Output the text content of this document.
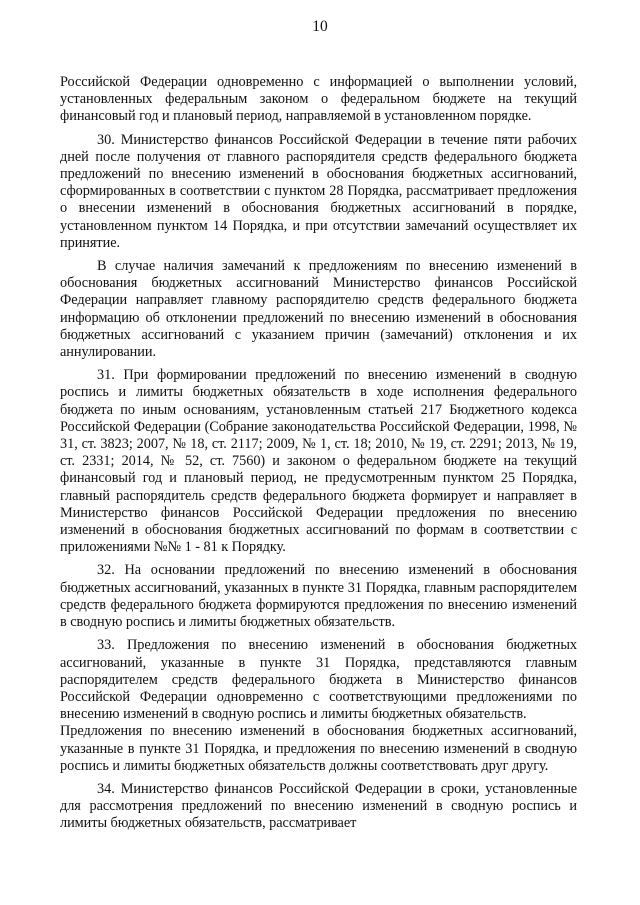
10

Российской Федерации одновременно с информацией о выполнении условий, установленных федеральным законом о федеральном бюджете на текущий финансовый год и плановый период, направляемой в установленном порядке.

30. Министерство финансов Российской Федерации в течение пяти рабочих дней после получения от главного распорядителя средств федерального бюджета предложений по внесению изменений в обоснования бюджетных ассигнований, сформированных в соответствии с пунктом 28 Порядка, рассматривает предложения о внесении изменений в обоснования бюджетных ассигнований в порядке, установленном пунктом 14 Порядка, и при отсутствии замечаний осуществляет их принятие.

В случае наличия замечаний к предложениям по внесению изменений в обоснования бюджетных ассигнований Министерство финансов Российской Федерации направляет главному распорядителю средств федерального бюджета информацию об отклонении предложений по внесению изменений в обоснования бюджетных ассигнований с указанием причин (замечаний) отклонения и их аннулировании.

31. При формировании предложений по внесению изменений в сводную роспись и лимиты бюджетных обязательств в ходе исполнения федерального бюджета по иным основаниям, установленным статьей 217 Бюджетного кодекса Российской Федерации (Собрание законодательства Российской Федерации, 1998, № 31, ст. 3823; 2007, № 18, ст. 2117; 2009, № 1, ст. 18; 2010, № 19, ст. 2291; 2013, № 19, ст. 2331; 2014, № 52, ст. 7560) и законом о федеральном бюджете на текущий финансовый год и плановый период, не предусмотренным пунктом 25 Порядка, главный распорядитель средств федерального бюджета формирует и направляет в Министерство финансов Российской Федерации предложения по внесению изменений в обоснования бюджетных ассигнований по формам в соответствии с приложениями №№ 1 - 81 к Порядку.

32. На основании предложений по внесению изменений в обоснования бюджетных ассигнований, указанных в пункте 31 Порядка, главным распорядителем средств федерального бюджета формируются предложения по внесению изменений в сводную роспись и лимиты бюджетных обязательств.

33. Предложения по внесению изменений в обоснования бюджетных ассигнований, указанные в пункте 31 Порядка, представляются главным распорядителем средств федерального бюджета в Министерство финансов Российской Федерации одновременно с соответствующими предложениями по внесению изменений в сводную роспись и лимиты бюджетных обязательств.

Предложения по внесению изменений в обоснования бюджетных ассигнований, указанные в пункте 31 Порядка, и предложения по внесению изменений в сводную роспись и лимиты бюджетных обязательств должны соответствовать друг другу.

34. Министерство финансов Российской Федерации в сроки, установленные для рассмотрения предложений по внесению изменений в сводную роспись и лимиты бюджетных обязательств, рассматривает
